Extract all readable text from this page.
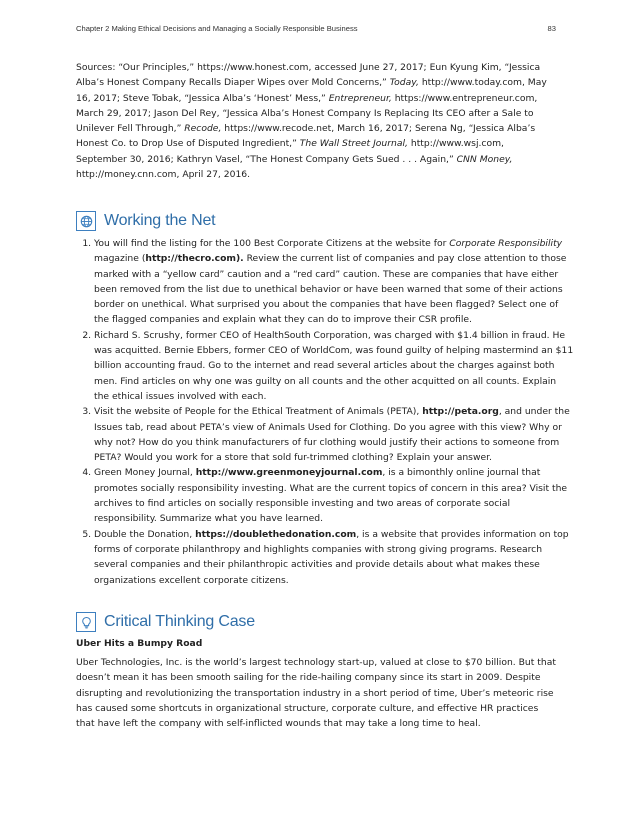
Chapter 2 Making Ethical Decisions and Managing a Socially Responsible Business	83

Sources: “Our Principles,” https://www.honest.com, accessed June 27, 2017; Eun Kyung Kim, “Jessica Alba’s Honest Company Recalls Diaper Wipes over Mold Concerns,” Today, http://www.today.com, May 16, 2017; Steve Tobak, “Jessica Alba’s ‘Honest’ Mess,” Entrepreneur, https://www.entrepreneur.com, March 29, 2017; Jason Del Rey, “Jessica Alba’s Honest Company Is Replacing Its CEO after a Sale to Unilever Fell Through,” Recode, https://www.recode.net, March 16, 2017; Serena Ng, “Jessica Alba’s Honest Co. to Drop Use of Disputed Ingredient,” The Wall Street Journal, http://www.wsj.com, September 30, 2016; Kathryn Vasel, “The Honest Company Gets Sued . . . Again,” CNN Money, http://money.cnn.com, April 27, 2016.

Working the Net
1. You will find the listing for the 100 Best Corporate Citizens at the website for Corporate Responsibility magazine (http://thecro.com). Review the current list of companies and pay close attention to those marked with a “yellow card” caution and a “red card” caution. These are companies that have either been removed from the list due to unethical behavior or have been warned that some of their actions border on unethical. What surprised you about the companies that have been flagged? Select one of the flagged companies and explain what they can do to improve their CSR profile.
2. Richard S. Scrushy, former CEO of HealthSouth Corporation, was charged with $1.4 billion in fraud. He was acquitted. Bernie Ebbers, former CEO of WorldCom, was found guilty of helping mastermind an $11 billion accounting fraud. Go to the internet and read several articles about the charges against both men. Find articles on why one was guilty on all counts and the other acquitted on all counts. Explain the ethical issues involved with each.
3. Visit the website of People for the Ethical Treatment of Animals (PETA), http://peta.org, and under the Issues tab, read about PETA’s view of Animals Used for Clothing. Do you agree with this view? Why or why not? How do you think manufacturers of fur clothing would justify their actions to someone from PETA? Would you work for a store that sold fur-trimmed clothing? Explain your answer.
4. Green Money Journal, http://www.greenmoneyjournal.com, is a bimonthly online journal that promotes socially responsibility investing. What are the current topics of concern in this area? Visit the archives to find articles on socially responsible investing and two areas of corporate social responsibility. Summarize what you have learned.
5. Double the Donation, https://doublethedonation.com, is a website that provides information on top forms of corporate philanthropy and highlights companies with strong giving programs. Research several companies and their philanthropic activities and provide details about what makes these organizations excellent corporate citizens.
Critical Thinking Case
Uber Hits a Bumpy Road

Uber Technologies, Inc. is the world’s largest technology start-up, valued at close to $70 billion. But that doesn’t mean it has been smooth sailing for the ride-hailing company since its start in 2009. Despite disrupting and revolutionizing the transportation industry in a short period of time, Uber’s meteoric rise has caused some shortcuts in organizational structure, corporate culture, and effective HR practices that have left the company with self-inflicted wounds that may take a long time to heal.
